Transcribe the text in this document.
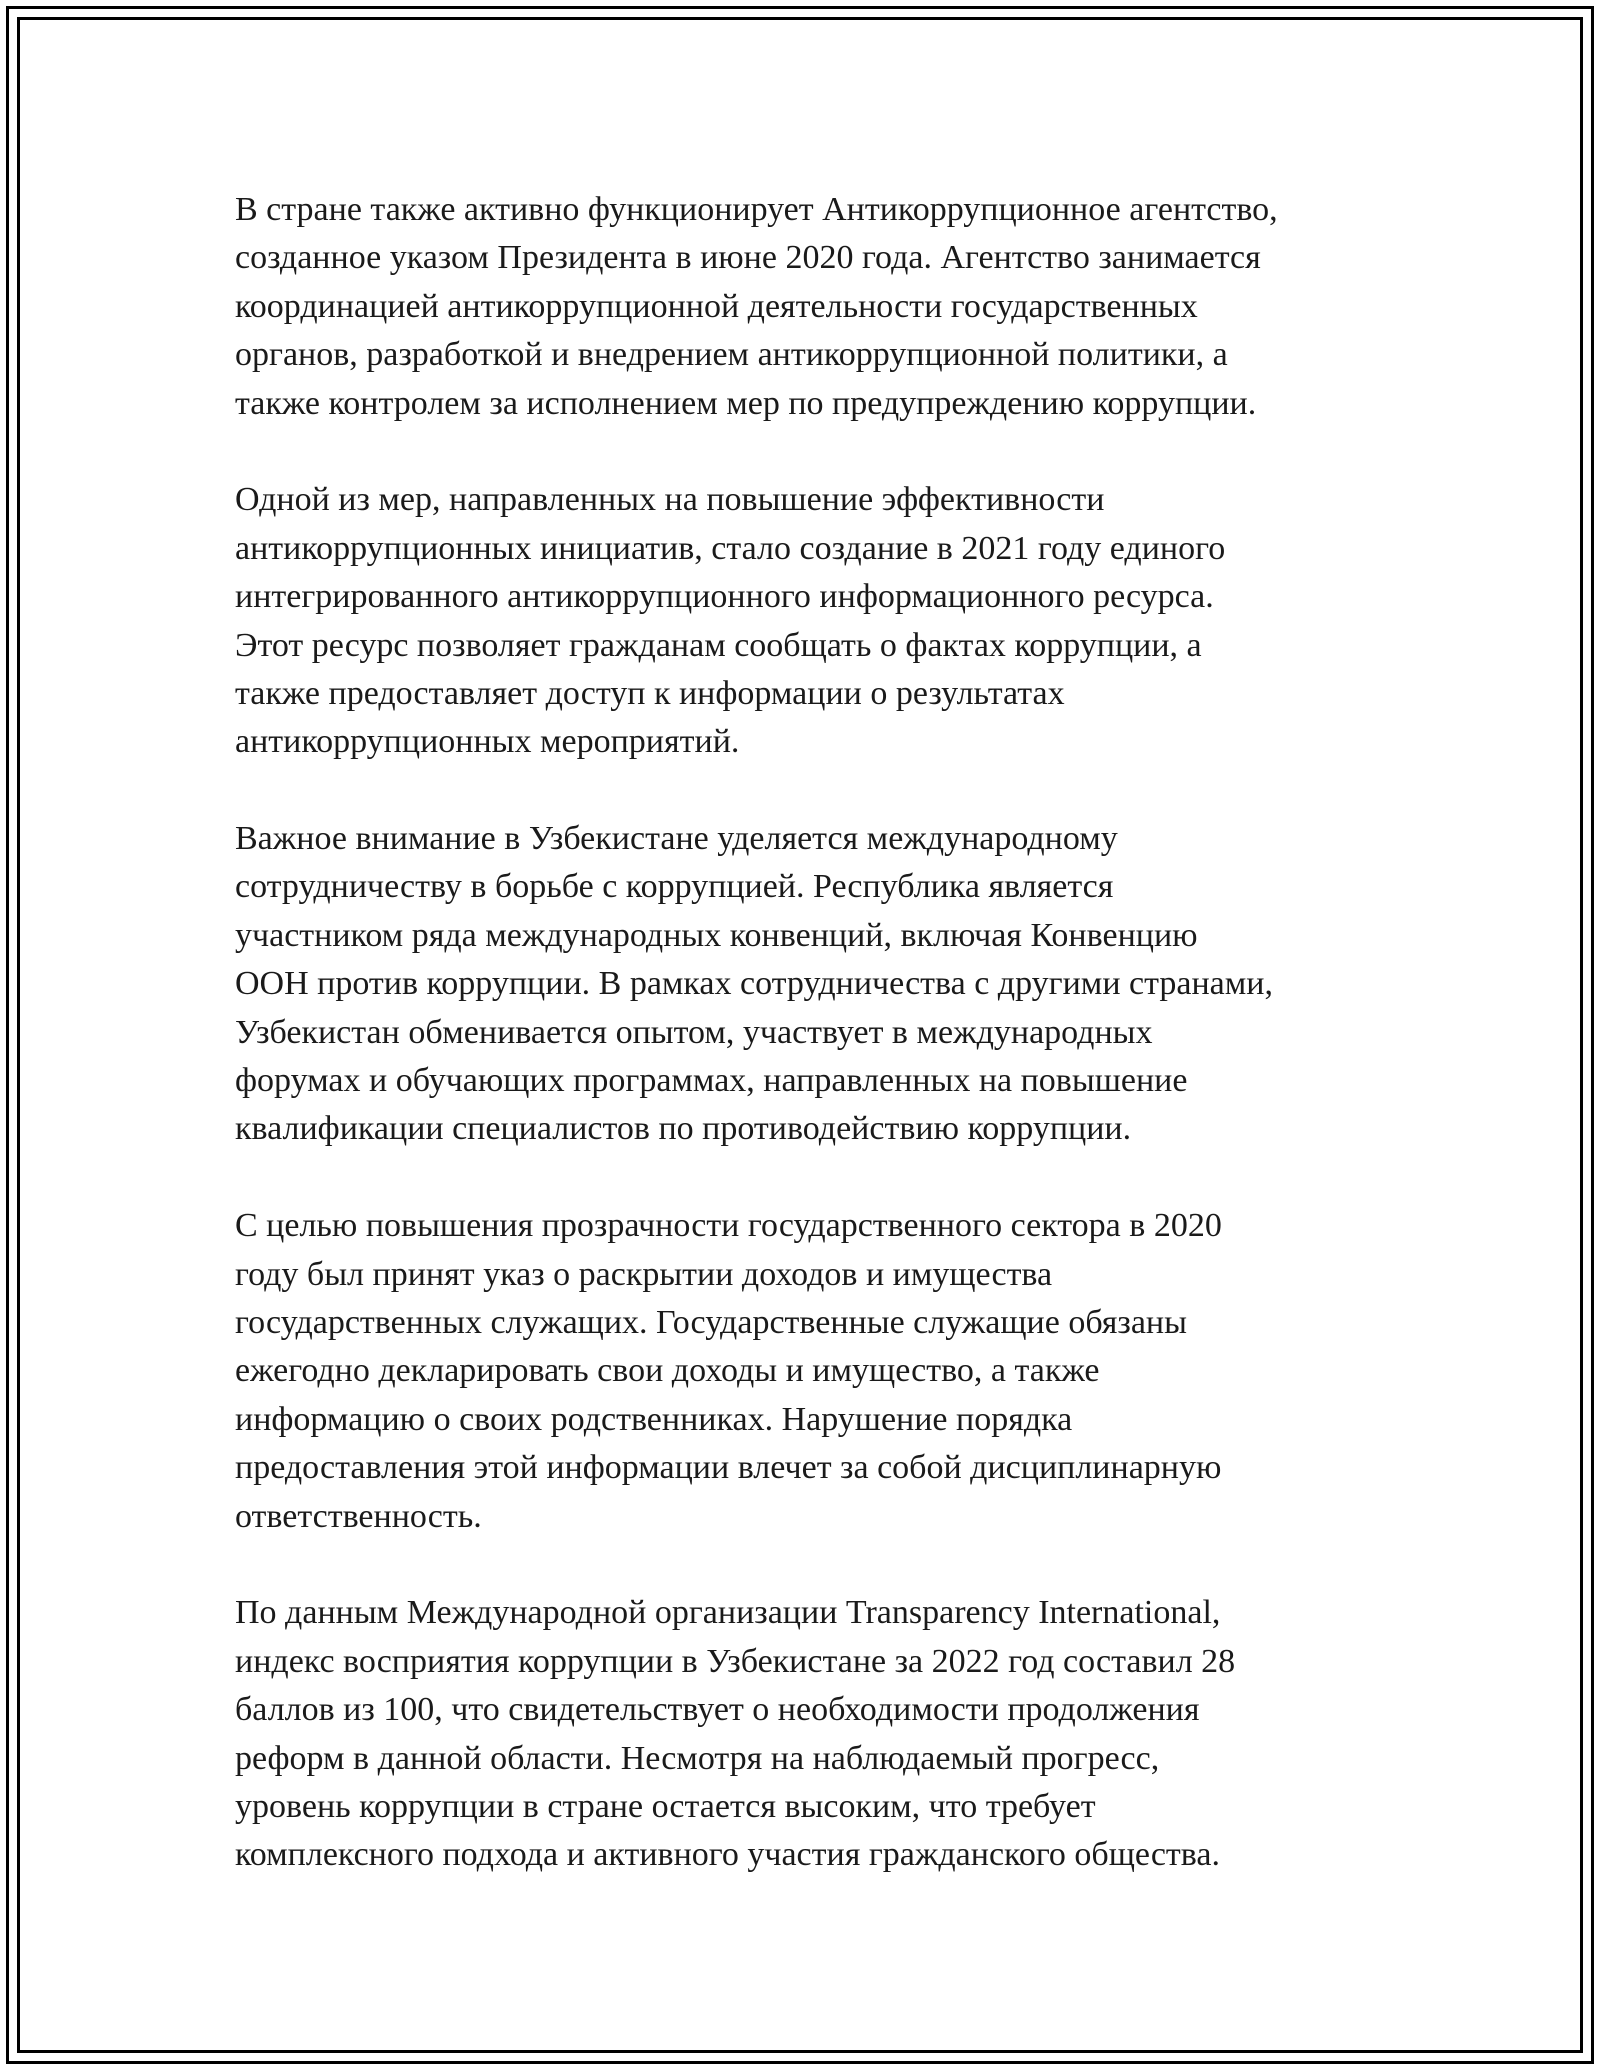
В стране также активно функционирует Антикоррупционное агентство,
созданное указом Президента в июне 2020 года. Агентство занимается
координацией антикоррупционной деятельности государственных
органов, разработкой и внедрением антикоррупционной политики, а
также контролем за исполнением мер по предупреждению коррупции.

Одной из мер, направленных на повышение эффективности
антикоррупционных инициатив, стало создание в 2021 году единого
интегрированного антикоррупционного информационного ресурса.
Этот ресурс позволяет гражданам сообщать о фактах коррупции, а
также предоставляет доступ к информации о результатах
антикоррупционных мероприятий.

Важное внимание в Узбекистане уделяется международному
сотрудничеству в борьбе с коррупцией. Республика является
участником ряда международных конвенций, включая Конвенцию
ООН против коррупции. В рамках сотрудничества с другими странами,
Узбекистан обменивается опытом, участвует в международных
форумах и обучающих программах, направленных на повышение
квалификации специалистов по противодействию коррупции.

С целью повышения прозрачности государственного сектора в 2020
году был принят указ о раскрытии доходов и имущества
государственных служащих. Государственные служащие обязаны
ежегодно декларировать свои доходы и имущество, а также
информацию о своих родственниках. Нарушение порядка
предоставления этой информации влечет за собой дисциплинарную
ответственность.

По данным Международной организации Transparency International,
индекс восприятия коррупции в Узбекистане за 2022 год составил 28
баллов из 100, что свидетельствует о необходимости продолжения
реформ в данной области. Несмотря на наблюдаемый прогресс,
уровень коррупции в стране остается высоким, что требует
комплексного подхода и активного участия гражданского общества.
